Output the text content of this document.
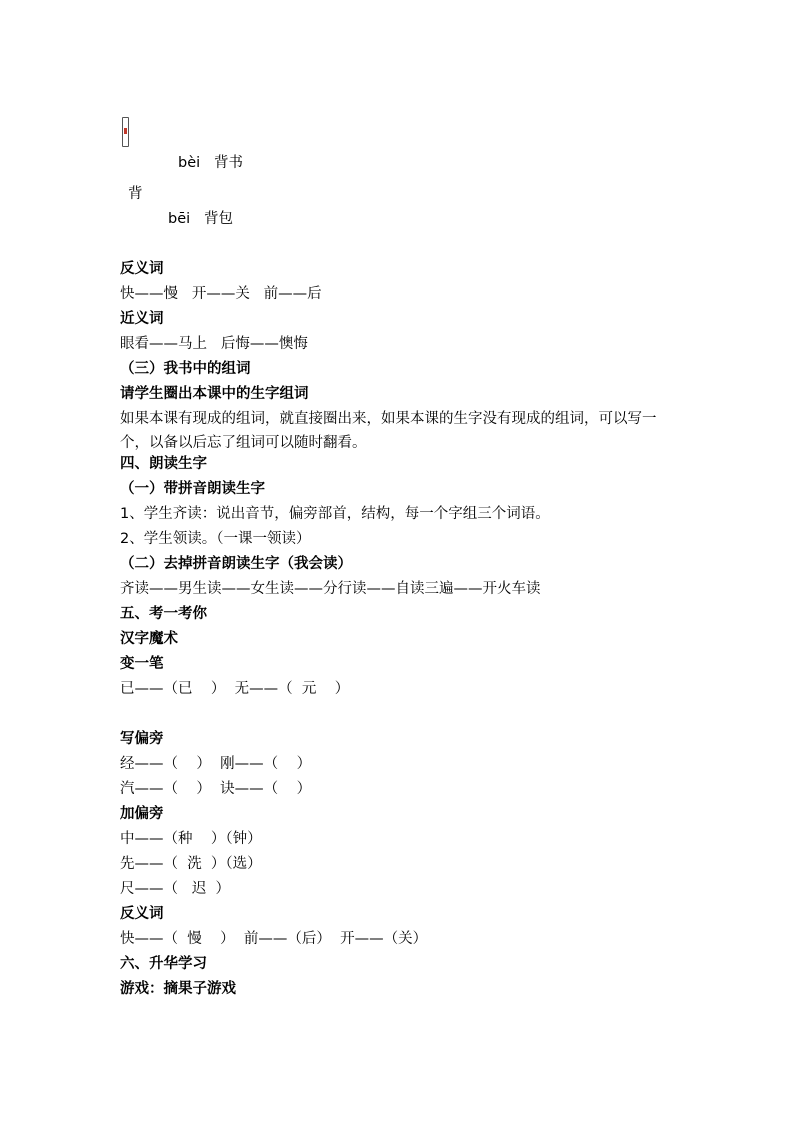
bèi 背书
背
bēi 背包
反义词
快——慢   开——关   前——后
近义词
眼看——马上   后悔——懊悔
（三）我书中的组词
请学生圈出本课中的生字组词
如果本课有现成的组词，就直接圈出来，如果本课的生字没有现成的组词，可以写一个，以备以后忘了组词可以随时翻看。
四、朗读生字
（一）带拼音朗读生字
1、学生齐读：说出音节，偏旁部首，结构，每一个字组三个词语。
2、学生领读。（一课一领读）
（二）去掉拼音朗读生字（我会读）
齐读——男生读——女生读——分行读——自读三遍——开火车读
五、考一考你
汉字魔术
变一笔
已——（已    ）  无——（  元    ）
写偏旁
经——（    ）  刚——（    ）
汽——（    ）  诀——（    ）
加偏旁
中——（种    ）（钟）
先——（  洗  ）（选）
尺——（   迟  ）
反义词
快——（  慢    ）  前——（后）  开——（关）
六、升华学习
游戏：摘果子游戏
